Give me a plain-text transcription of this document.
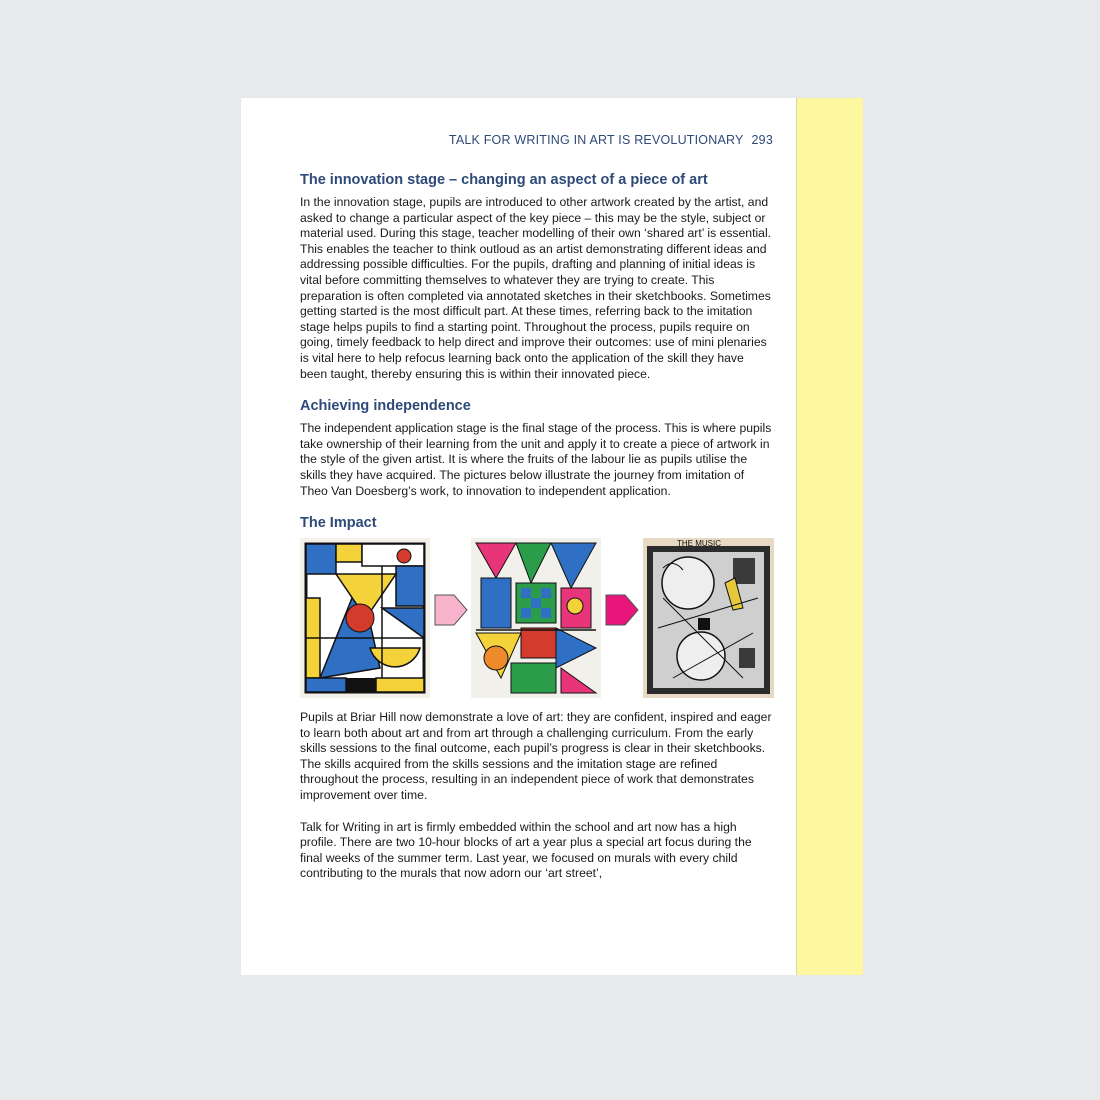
TALK FOR WRITING IN ART IS REVOLUTIONARY 293
The innovation stage – changing an aspect of a piece of art

In the innovation stage, pupils are introduced to other artwork created by the artist, and asked to change a particular aspect of the key piece – this may be the style, subject or material used. During this stage, teacher modelling of their own ‘shared art’ is essential. This enables the teacher to think outloud as an artist demonstrating different ideas and addressing possible difficulties. For the pupils, drafting and planning of initial ideas is vital before committing themselves to whatever they are trying to create. This preparation is often completed via annotated sketches in their sketchbooks. Sometimes getting started is the most difficult part. At these times, referring back to the imitation stage helps pupils to find a starting point. Throughout the process, pupils require on going, timely feedback to help direct and improve their outcomes: use of mini plenaries is vital here to help refocus learning back onto the application of the skill they have been taught, thereby ensuring this is within their innovated piece.

Achieving independence

The independent application stage is the final stage of the process. This is where pupils take ownership of their learning from the unit and apply it to create a piece of artwork in the style of the given artist. It is where the fruits of the labour lie as pupils utilise the skills they have acquired. The pictures below illustrate the journey from imitation of Theo Van Doesberg’s work, to innovation to independent application.

The Impact
THE MUSIC

Pupils at Briar Hill now demonstrate a love of art: they are confident, inspired and eager to learn both about art and from art through a challenging curriculum. From the early skills sessions to the final outcome, each pupil’s progress is clear in their sketchbooks. The skills acquired from the skills sessions and the imitation stage are refined throughout the process, resulting in an independent piece of work that demonstrates improvement over time.

Talk for Writing in art is firmly embedded within the school and art now has a high profile. There are two 10-hour blocks of art a year plus a special art focus during the final weeks of the summer term. Last year, we focused on murals with every child contributing to the murals that now adorn our ‘art street’,
